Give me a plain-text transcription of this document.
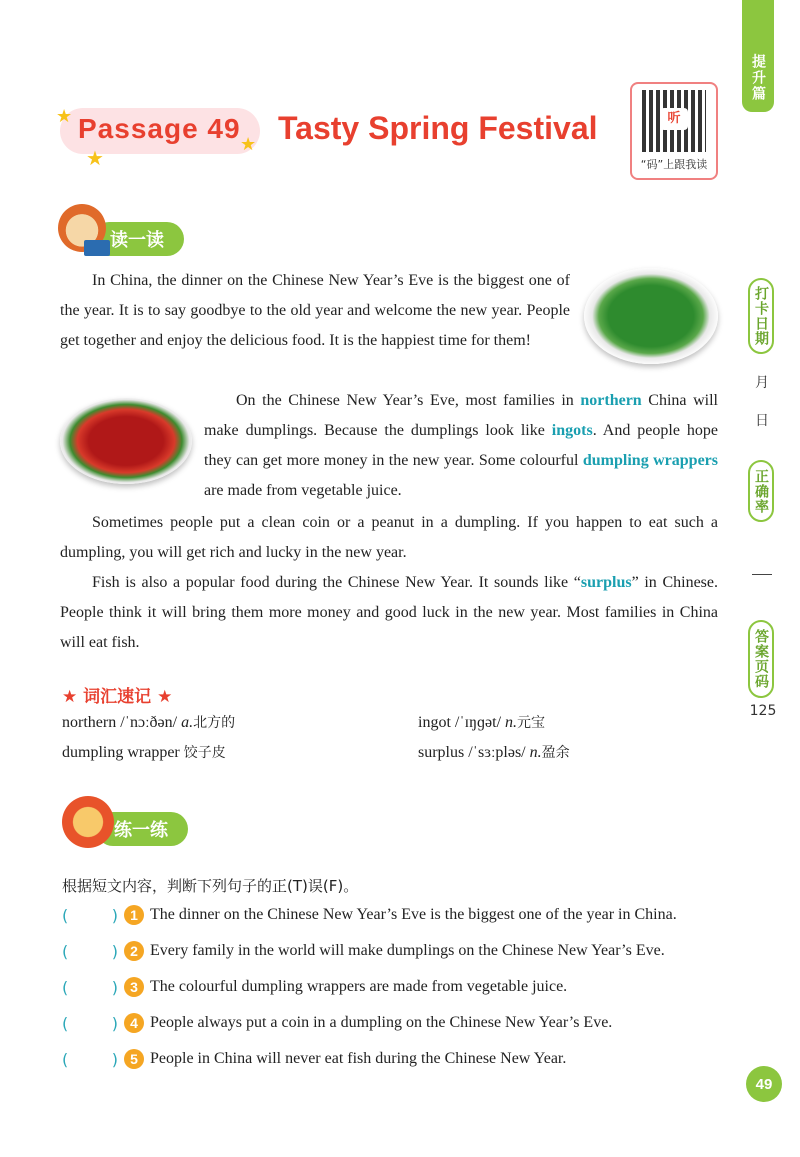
提升篇
打卡日期
月
日
正确率
答案页码
125
★
★
★
Passage 49 Tasty Spring Festival	听
“码”上跟我读
读一读
In China, the dinner on the Chinese New Year’s Eve is the biggest one of the year. It is to say goodbye to the old year and welcome the new year. People get together and enjoy the delicious food. It is the happiest time for them!
On the Chinese New Year’s Eve, most families in northern China will make dumplings. Because the dumplings look like ingots. And people hope they can get more money in the new year. Some colourful dumpling wrappers are made from vegetable juice.
Sometimes people put a clean coin or a peanut in a dumpling. If you happen to eat such a dumpling, you will get rich and lucky in the new year.
Fish is also a popular food during the Chinese New Year. It sounds like “surplus” in Chinese. People think it will bring them more money and good luck in the new year. Most families in China will eat fish.
★ 词汇速记 ★
northern /ˈnɔːðən/ a.北方的	ingot /ˈɪŋɡət/ n.元宝
dumpling wrapper 饺子皮	surplus /ˈsɜːpləs/ n.盈余
练一练
根据短文内容，判断下列句子的正(T)误(F)。
(	) 1 The dinner on the Chinese New Year’s Eve is the biggest one of the year in China.
(	) 2 Every family in the world will make dumplings on the Chinese New Year’s Eve.
(	) 3 The colourful dumpling wrappers are made from vegetable juice.
(	) 4 People always put a coin in a dumpling on the Chinese New Year’s Eve.
(	) 5 People in China will never eat fish during the Chinese New Year.
49
